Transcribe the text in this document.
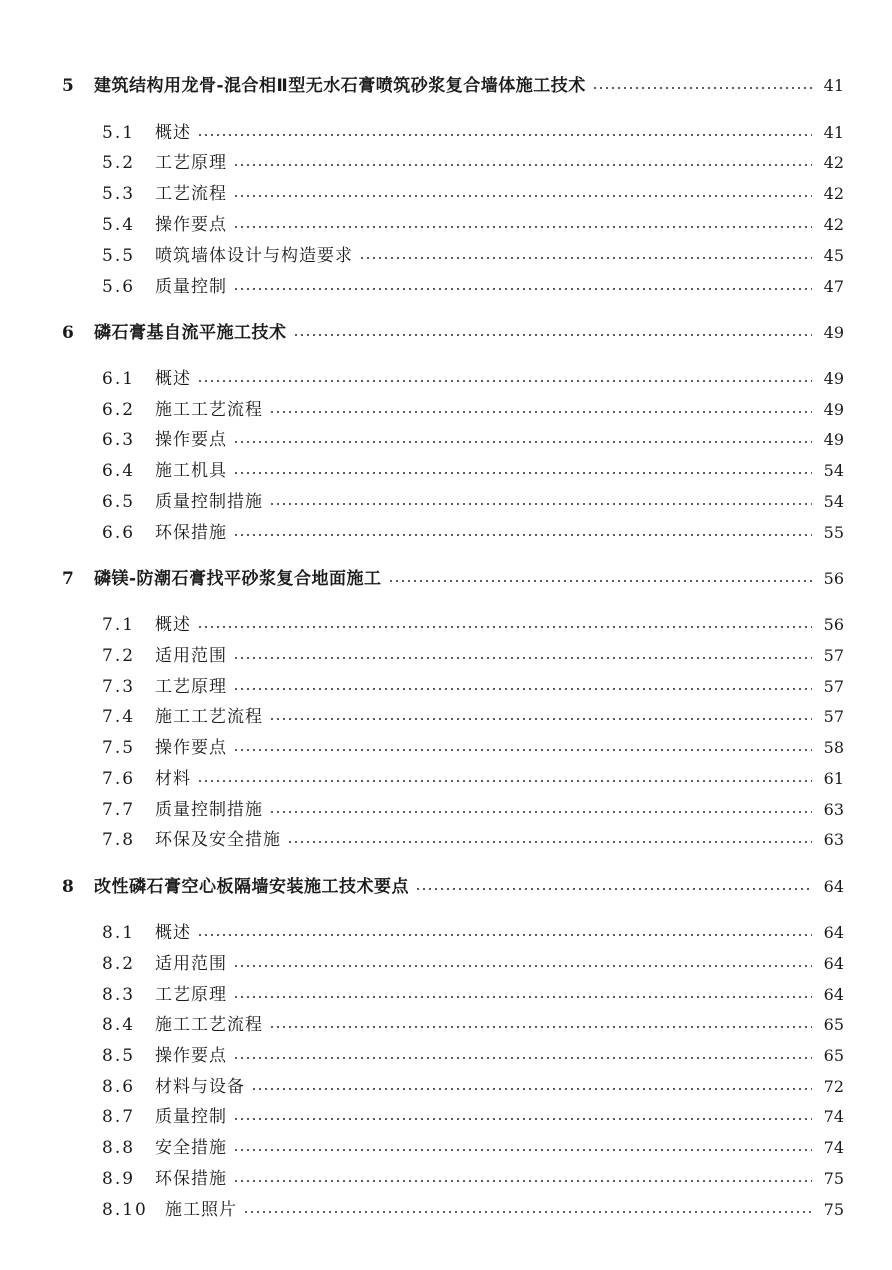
5 建筑结构用龙骨-混合相Ⅱ型无水石膏喷筑砂浆复合墙体施工技术	41
5.1 概述	41
5.2 工艺原理	42
5.3 工艺流程	42
5.4 操作要点	42
5.5 喷筑墙体设计与构造要求	45
5.6 质量控制	47
6 磷石膏基自流平施工技术	49
6.1 概述	49
6.2 施工工艺流程	49
6.3 操作要点	49
6.4 施工机具	54
6.5 质量控制措施	54
6.6 环保措施	55
7 磷镁-防潮石膏找平砂浆复合地面施工	56
7.1 概述	56
7.2 适用范围	57
7.3 工艺原理	57
7.4 施工工艺流程	57
7.5 操作要点	58
7.6 材料	61
7.7 质量控制措施	63
7.8 环保及安全措施	63
8 改性磷石膏空心板隔墙安装施工技术要点	64
8.1 概述	64
8.2 适用范围	64
8.3 工艺原理	64
8.4 施工工艺流程	65
8.5 操作要点	65
8.6 材料与设备	72
8.7 质量控制	74
8.8 安全措施	74
8.9 环保措施	75
8.10 施工照片	75
